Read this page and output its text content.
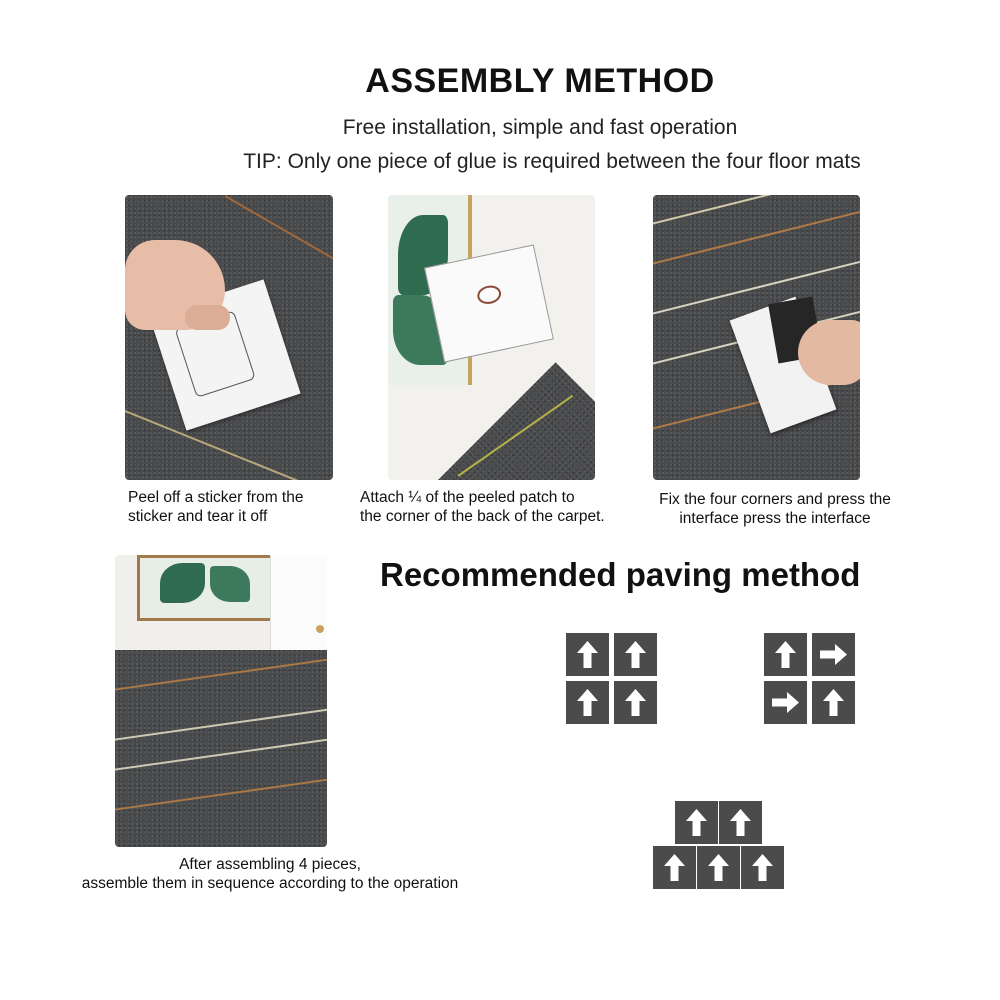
ASSEMBLY METHOD
Free installation, simple and fast operation
TIP: Only one piece of glue is required between the four floor mats
Peel off a sticker from the
sticker and tear it off
Attach ¼ of the peeled patch to
the corner of the back of the carpet.
Fix the four corners and press the
interface press the interface
After assembling 4 pieces,
assemble them in sequence according to the operation
Recommended paving method
